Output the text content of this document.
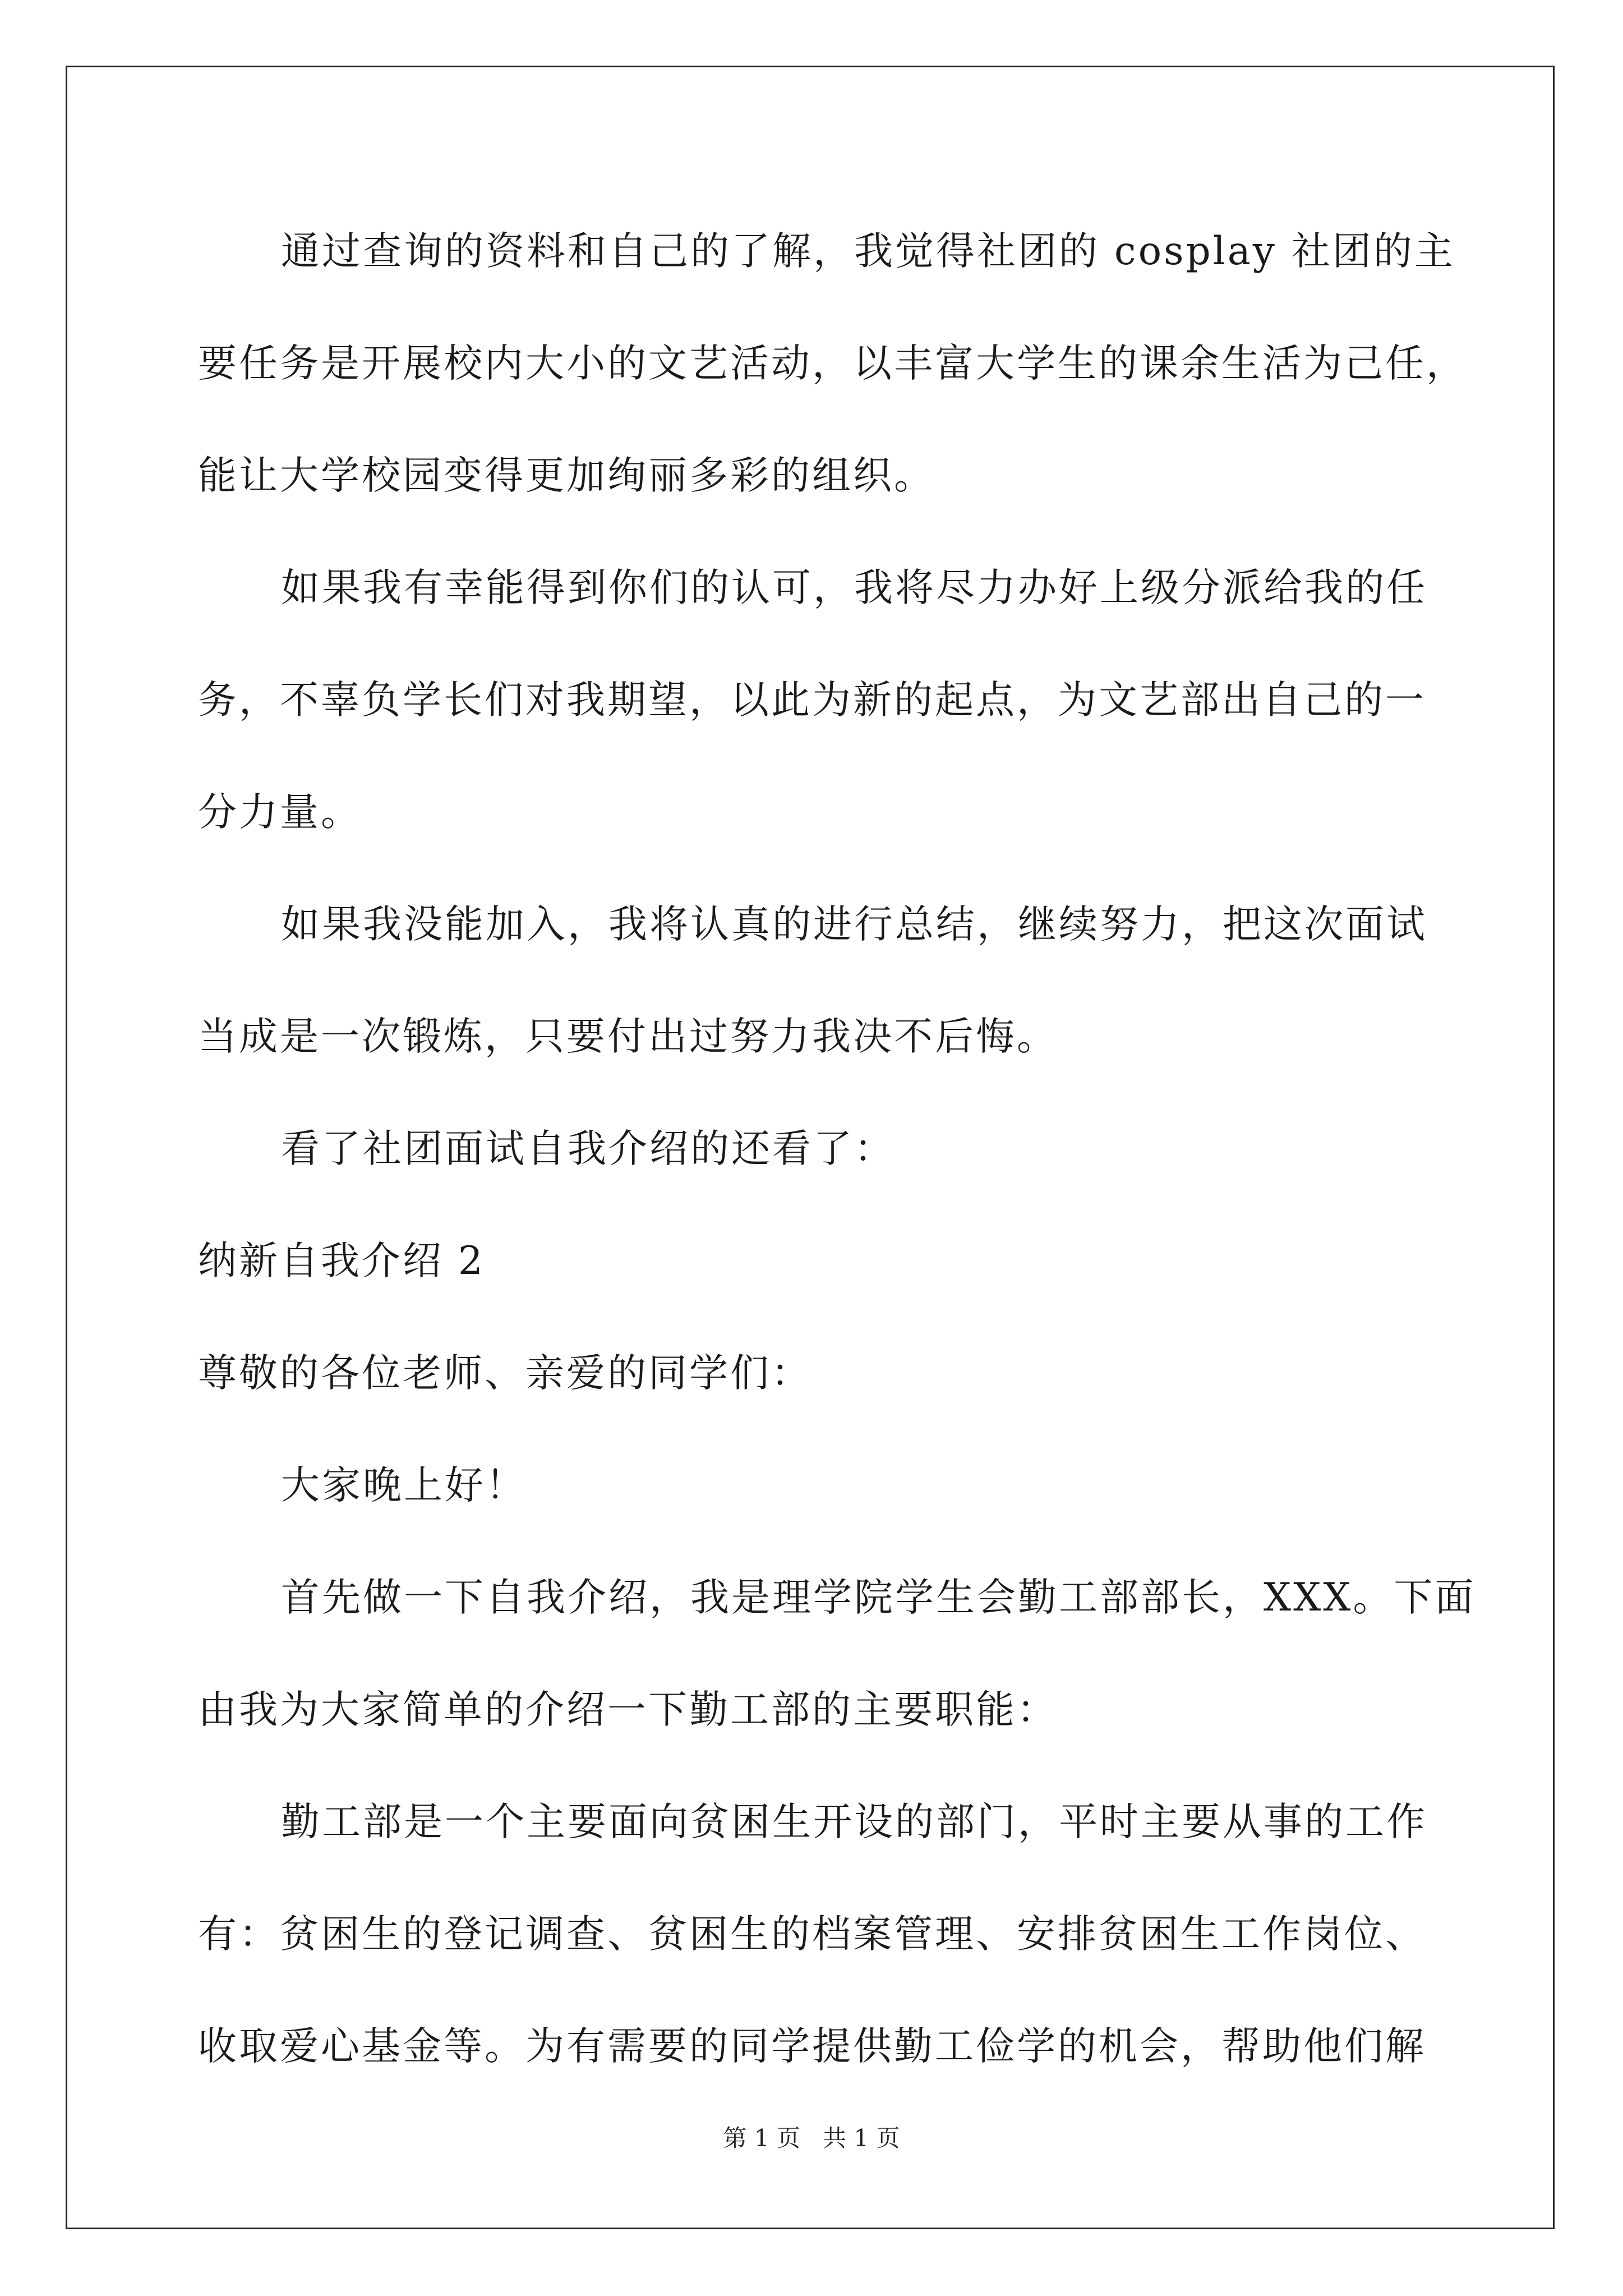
通过查询的资料和自己的了解，我觉得社团的 cosplay 社团的主
要任务是开展校内大小的文艺活动，以丰富大学生的课余生活为己任，
能让大学校园变得更加绚丽多彩的组织。
如果我有幸能得到你们的认可，我将尽力办好上级分派给我的任
务，不辜负学长们对我期望，以此为新的起点，为文艺部出自己的一
分力量。
如果我没能加入，我将认真的进行总结，继续努力，把这次面试
当成是一次锻炼，只要付出过努力我决不后悔。
看了社团面试自我介绍的还看了：
纳新自我介绍 2
尊敬的各位老师、亲爱的同学们：
大家晚上好！
首先做一下自我介绍，我是理学院学生会勤工部部长，XXX。下面
由我为大家简单的介绍一下勤工部的主要职能：
勤工部是一个主要面向贫困生开设的部门，平时主要从事的工作
有：贫困生的登记调查、贫困生的档案管理、安排贫困生工作岗位、
收取爱心基金等。为有需要的同学提供勤工俭学的机会，帮助他们解
第 1 页   共 1 页
